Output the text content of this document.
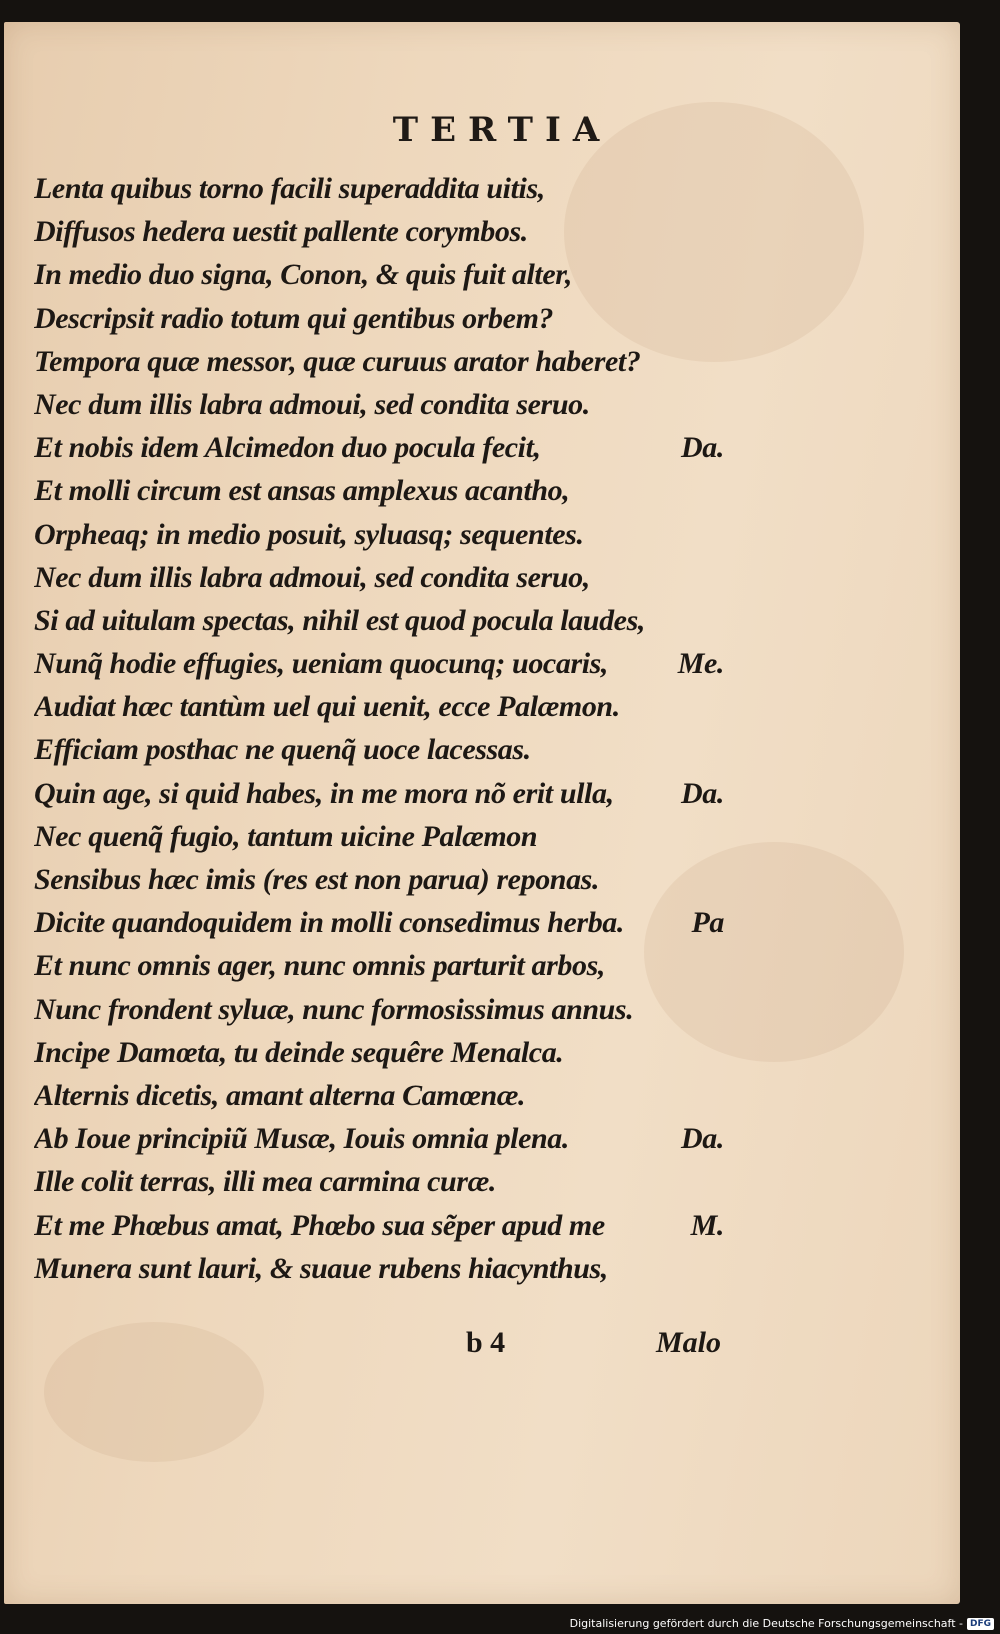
TERTIA
Lenta quibus torno facili superaddita uitis,
Diffusos hedera uestit pallente corymbos.
In medio duo signa, Conon, & quis fuit alter,
Descripsit radio totum qui gentibus orbem?
Tempora quæ messor, quæ curuus arator haberet?
Nec dum illis labra admoui, sed condita seruo.
Et nobis idem Alcimedon duo pocula fecit,	Da.
Et molli circum est ansas amplexus acantho,
Orpheaq; in medio posuit, syluasq; sequentes.
Nec dum illis labra admoui, sed condita seruo,
Si ad uitulam spectas, nihil est quod pocula laudes,
Nunq̃ hodie effugies, ueniam quocunq; uocaris,	Me.
Audiat hæc tantùm uel qui uenit, ecce Palæmon.
Efficiam posthac ne quenq̃ uoce lacessas.
Quin age, si quid habes, in me mora nõ erit ulla,	Da.
Nec quenq̃ fugio, tantum uicine Palæmon
Sensibus hæc imis (res est non parua) reponas.
Dicite quandoquidem in molli consedimus herba.	Pa
Et nunc omnis ager, nunc omnis parturit arbos,
Nunc frondent syluæ, nunc formosissimus annus.
Incipe Damœta, tu deinde sequêre Menalca.
Alternis dicetis, amant alterna Camœnæ.
Ab Ioue principiũ Musæ, Iouis omnia plena.	Da.
Ille colit terras, illi mea carmina curæ.
Et me Phœbus amat, Phœbo sua sẽper apud me	M.
Munera sunt lauri, & suaue rubens hiacynthus,
b 4	Malo
Digitalisierung gefördert durch die Deutsche Forschungsgemeinschaft - DFG
